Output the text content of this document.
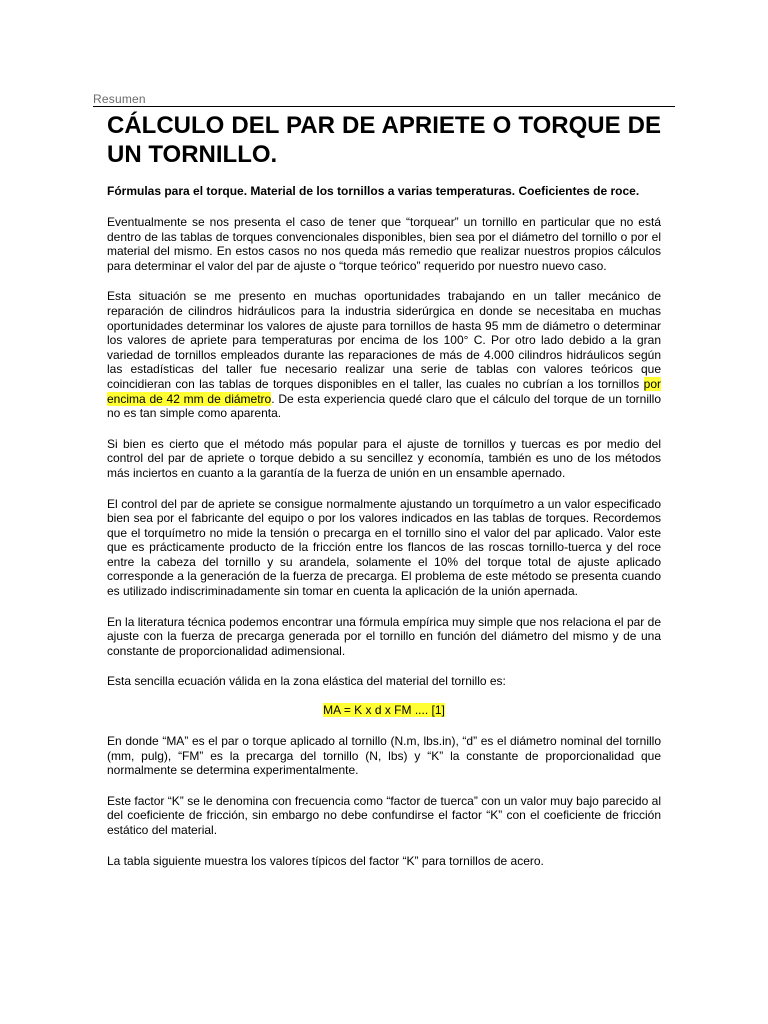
Resumen
CÁLCULO DEL PAR DE APRIETE O TORQUE DE UN TORNILLO.
Fórmulas para el torque. Material de los tornillos a varias temperaturas. Coeficientes de roce.

Eventualmente se nos presenta el caso de tener que “torquear” un tornillo en particular que no está dentro de las tablas de torques convencionales disponibles, bien sea por el diámetro del tornillo o por el material del mismo. En estos casos no nos queda más remedio que realizar nuestros propios cálculos para determinar el valor del par de ajuste o “torque teórico” requerido por nuestro nuevo caso.

Esta situación se me presento en muchas oportunidades trabajando en un taller mecánico de reparación de cilindros hidráulicos para la industria siderúrgica en donde se necesitaba en muchas oportunidades determinar los valores de ajuste para tornillos de hasta 95 mm de diámetro o determinar los valores de apriete para temperaturas por encima de los 100° C. Por otro lado debido a la gran variedad de tornillos empleados durante las reparaciones de más de 4.000 cilindros hidráulicos según las estadísticas del taller fue necesario realizar una serie de tablas con valores teóricos que coincidieran con las tablas de torques disponibles en el taller, las cuales no cubrían a los tornillos por encima de 42 mm de diámetro. De esta experiencia quedé claro que el cálculo del torque de un tornillo no es tan simple como aparenta.

Si bien es cierto que el método más popular para el ajuste de tornillos y tuercas es por medio del control del par de apriete o torque debido a su sencillez y economía, también es uno de los métodos más inciertos en cuanto a la garantía de la fuerza de unión en un ensamble apernado.

El control del par de apriete se consigue normalmente ajustando un torquímetro a un valor especificado bien sea por el fabricante del equipo o por los valores indicados en las tablas de torques. Recordemos que el torquímetro no mide la tensión o precarga en el tornillo sino el valor del par aplicado. Valor este que es prácticamente producto de la fricción entre los flancos de las roscas tornillo-tuerca y del roce entre la cabeza del tornillo y su arandela, solamente el 10% del torque total de ajuste aplicado corresponde a la generación de la fuerza de precarga. El problema de este método se presenta cuando es utilizado indiscriminadamente sin tomar en cuenta la aplicación de la unión apernada.

En la literatura técnica podemos encontrar una fórmula empírica muy simple que nos relaciona el par de ajuste con la fuerza de precarga generada por el tornillo en función del diámetro del mismo y de una constante de proporcionalidad adimensional.

Esta sencilla ecuación válida en la zona elástica del material del tornillo es:

MA = K x d x FM .... [1]

En donde “MA” es el par o torque aplicado al tornillo (N.m, lbs.in), “d” es el diámetro nominal del tornillo (mm, pulg), “FM” es la precarga del tornillo (N, lbs) y “K” la constante de proporcionalidad que normalmente se determina experimentalmente.

Este factor “K” se le denomina con frecuencia como “factor de tuerca” con un valor muy bajo parecido al del coeficiente de fricción, sin embargo no debe confundirse el factor “K” con el coeficiente de fricción estático del material.

La tabla siguiente muestra los valores típicos del factor “K” para tornillos de acero.
